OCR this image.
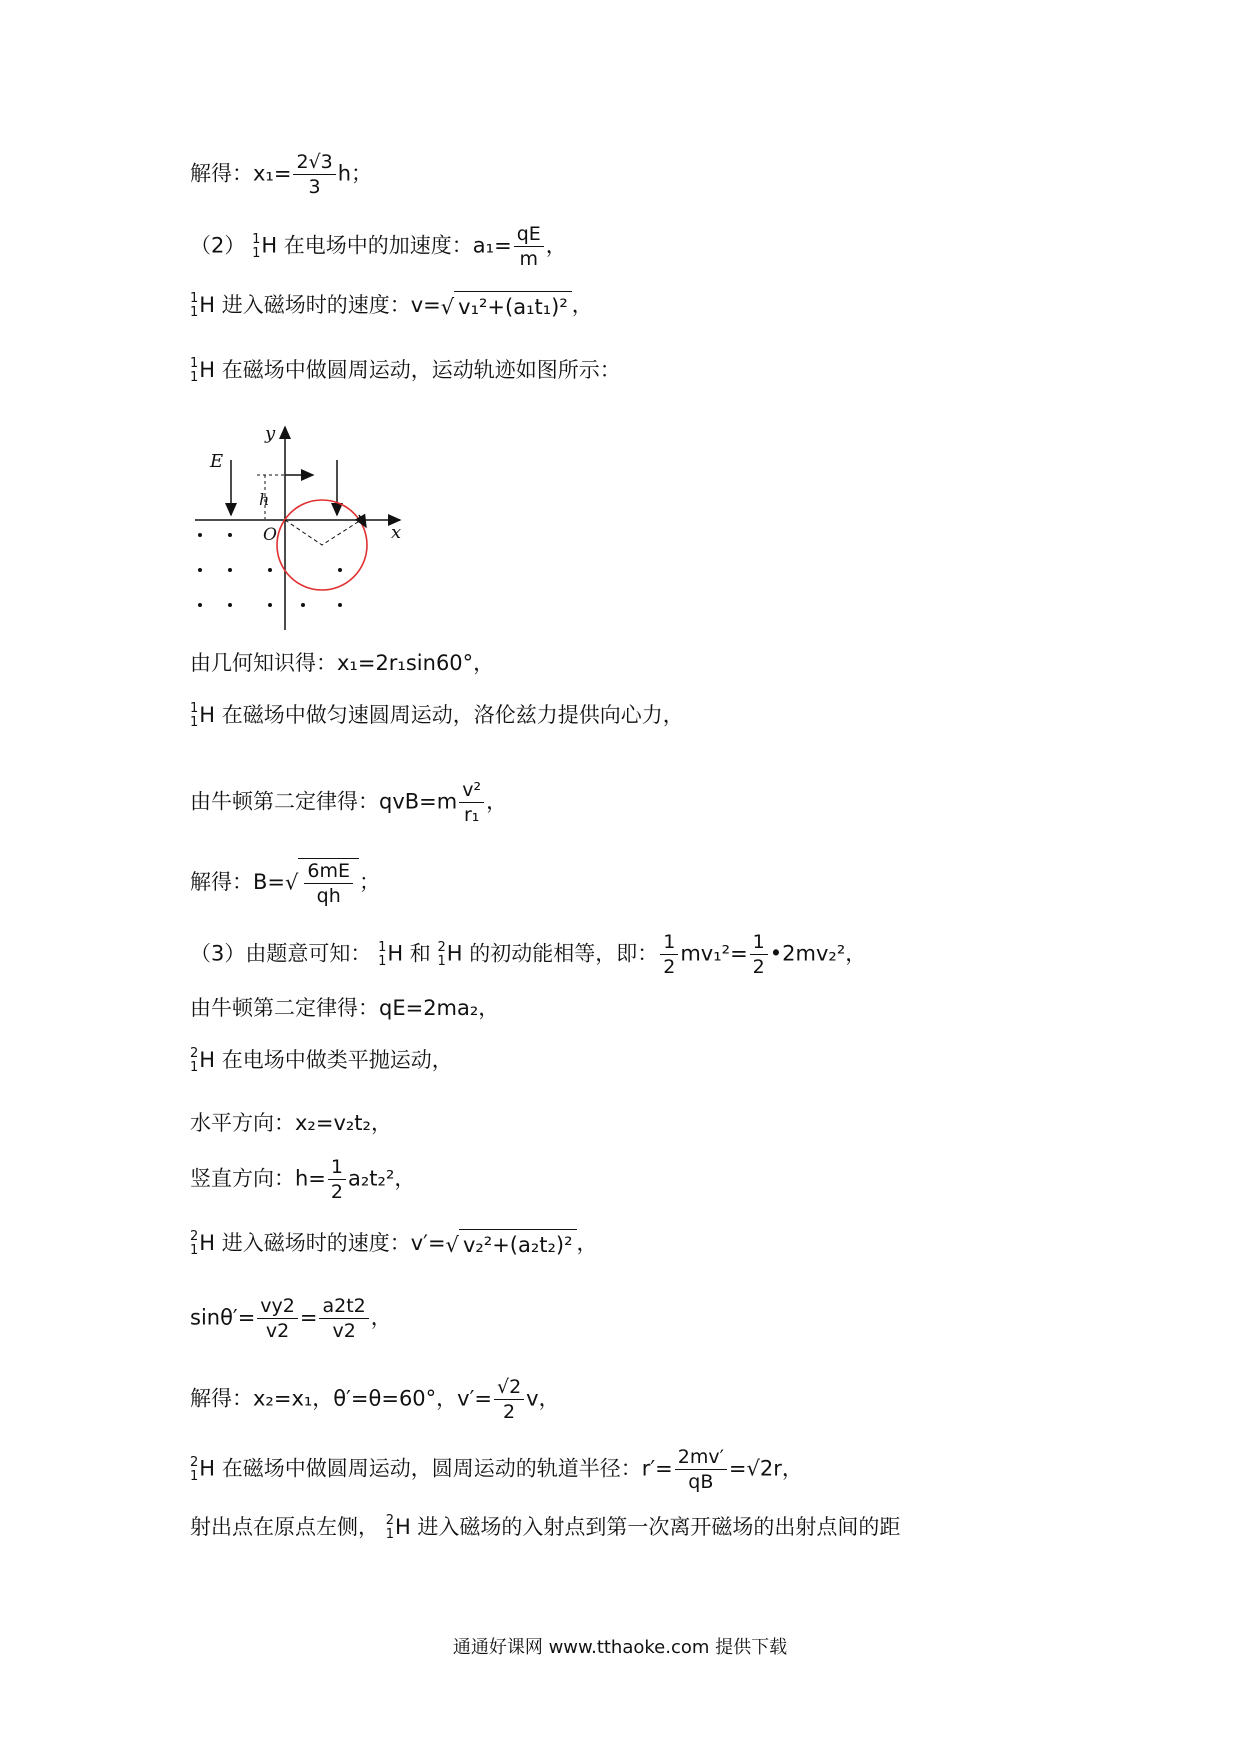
解得：$x_1= \frac{2√3}{3}$ h；
（2） 1
1 H 在电场中的加速度：$a_1= \frac{qE}{m}$ ，
1
1 H 进入磁场时的速度：v=√ v₁²+(a₁t₁)² ，
1
1 H 在磁场中做圆周运动，运动轨迹如图所示：
E
h
y
O	x
由几何知识得：x₁=2r₁sin60°，
1
1 H 在磁场中做匀速圆周运动，洛伦兹力提供向心力，
由牛顿第二定律得：$qvB=m \frac{\text{v²}}{\text{r₁}}$ ，
解得：$B=√ \frac{6mE}{qh}$ ；
（3）由题意可知： 1
1 H 和 2
1 H 的初动能相等，即： $\frac{1}{2} mv_1^2= \frac{1}{2}$ •2mv₂²，
由牛顿第二定律得：qE=2ma₂，
2
1 H 在电场中做类平抛运动，
水平方向：x₂=v₂t₂，
竖直方向：$h= \frac{1}{2} a_2t_2^2$，
2
1 H 进入磁场时的速度：v′=√ v₂²+(a₂t₂)² ，
$\sin\theta'= \frac{vy2}{v2} = \frac{a2t2}{v2}$ ，
解得：x₂=x₁，θ′=θ=60°，$v'= \frac{√2}{2}$ v，
2
1 H 在磁场中做圆周运动，圆周运动的轨道半径：$r'= \frac{2mv'}{qB} =√2r$，
射出点在原点左侧， 2
1 H 进入磁场的入射点到第一次离开磁场的出射点间的距
通通好课网 www.tthaoke.com 提供下载
